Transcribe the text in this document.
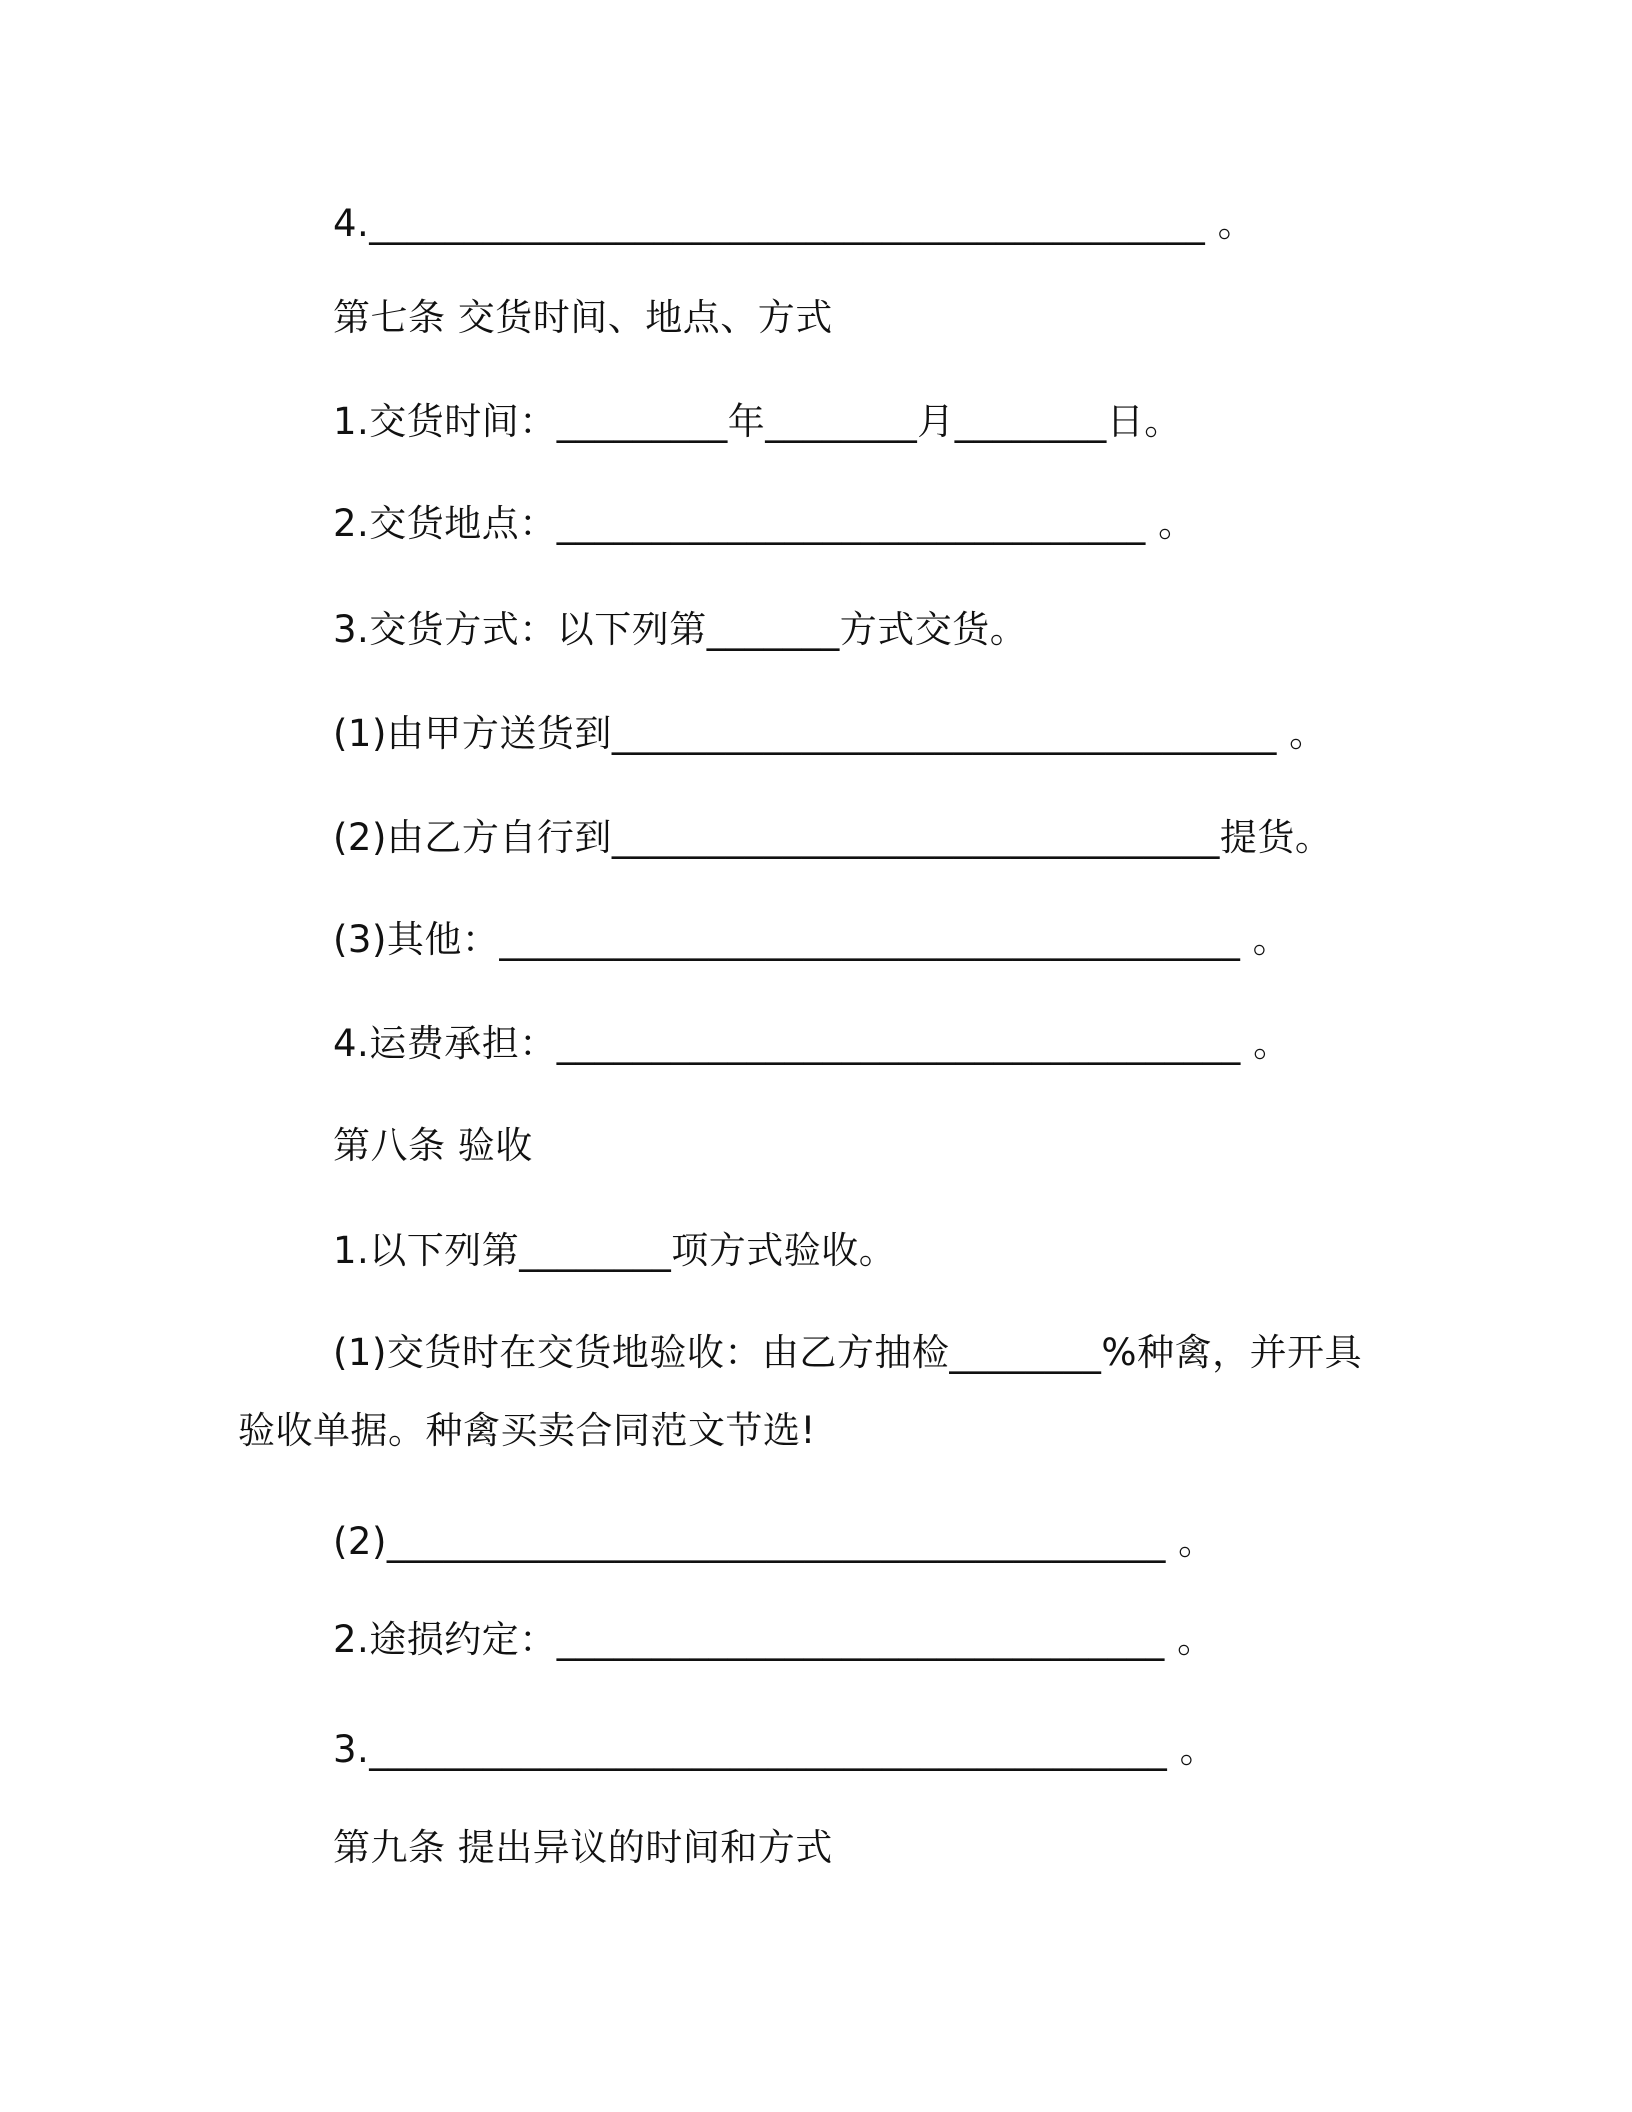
4.____________________________________________ 。
第七条 交货时间、地点、方式
1.交货时间：_________年________月________日。
2.交货地点：_______________________________ 。
3.交货方式：以下列第_______方式交货。
(1)由甲方送货到___________________________________ 。
(2)由乙方自行到________________________________提货。
(3)其他：_______________________________________ 。
4.运费承担：____________________________________ 。
第八条 验收
1.以下列第________项方式验收。
(1)交货时在交货地验收：由乙方抽检________%种禽，并开具
验收单据。种禽买卖合同范文节选!
(2)_________________________________________ 。
2.途损约定：________________________________ 。
3.__________________________________________ 。
第九条 提出异议的时间和方式
